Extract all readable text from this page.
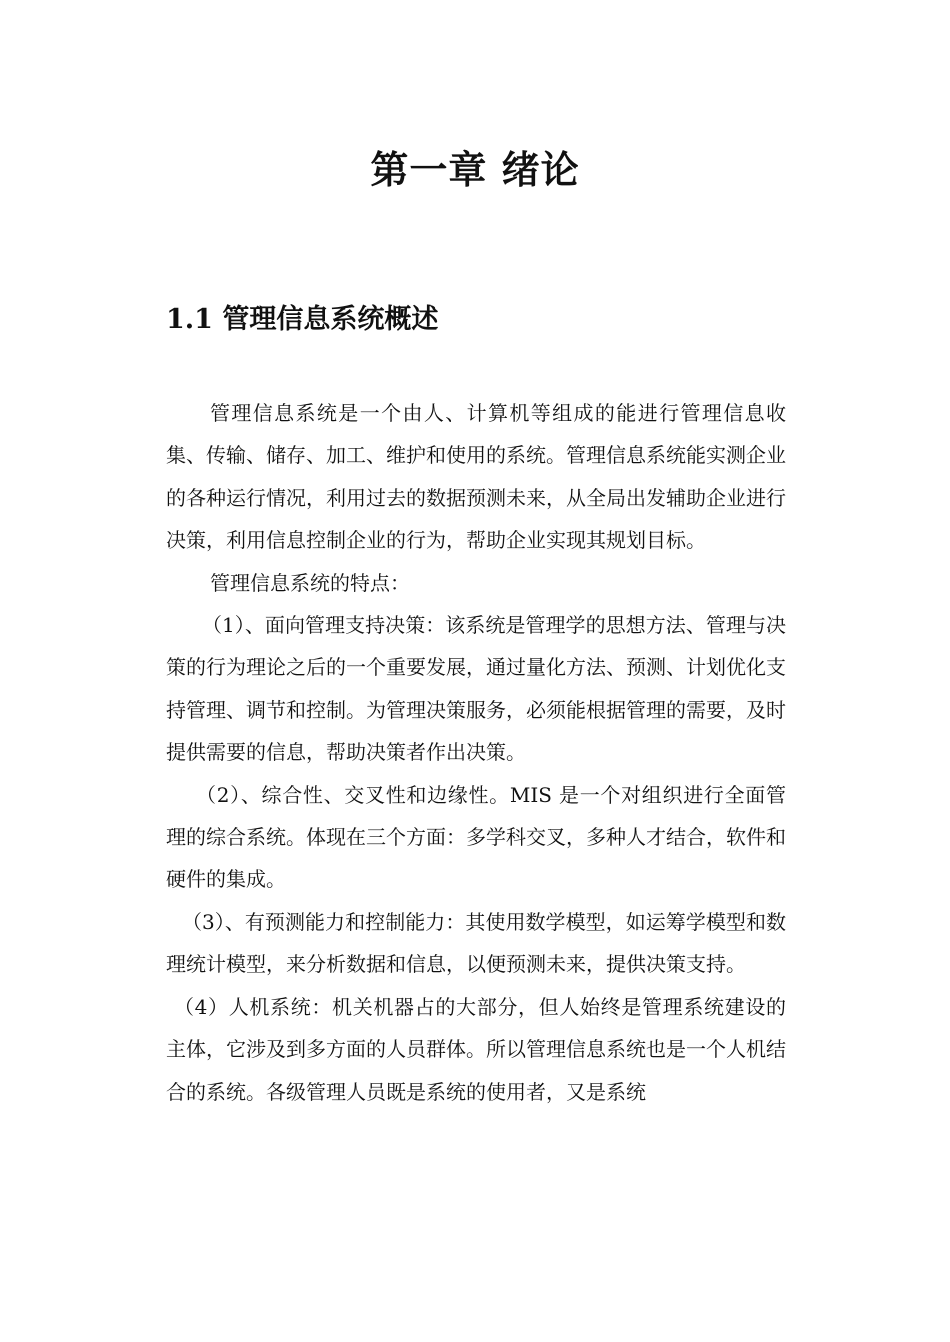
第一章 绪论
1.1 管理信息系统概述

管理信息系统是一个由人、计算机等组成的能进行管理信息收集、传输、储存、加工、维护和使用的系统。管理信息系统能实测企业的各种运行情况，利用过去的数据预测未来，从全局出发辅助企业进行决策，利用信息控制企业的行为，帮助企业实现其规划目标。

管理信息系统的特点：

（1）、面向管理支持决策：该系统是管理学的思想方法、管理与决策的行为理论之后的一个重要发展，通过量化方法、预测、计划优化支持管理、调节和控制。为管理决策服务，必须能根据管理的需要，及时提供需要的信息，帮助决策者作出决策。

（2）、综合性、交叉性和边缘性。MIS 是一个对组织进行全面管理的综合系统。体现在三个方面：多学科交叉，多种人才结合，软件和硬件的集成。

（3）、有预测能力和控制能力：其使用数学模型，如运筹学模型和数理统计模型，来分析数据和信息，以便预测未来，提供决策支持。

（4）人机系统：机关机器占的大部分，但人始终是管理系统建设的主体，它涉及到多方面的人员群体。所以管理信息系统也是一个人机结合的系统。各级管理人员既是系统的使用者，又是系统
